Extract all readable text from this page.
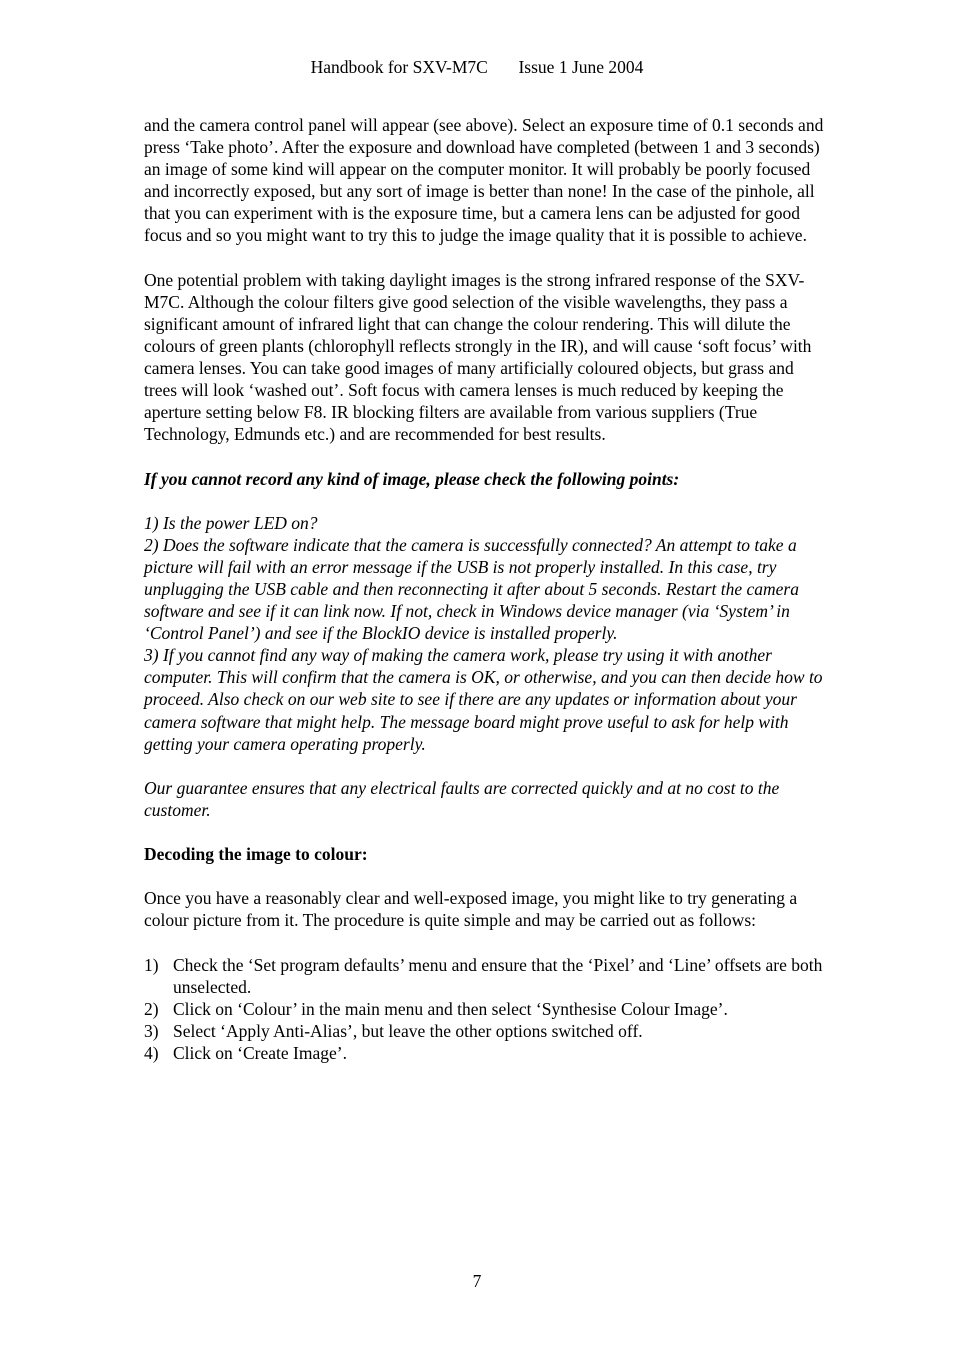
Handbook for SXV-M7C Issue 1 June 2004

and the camera control panel will appear (see above). Select an exposure time of 0.1 seconds and press ‘Take photo’. After the exposure and download have completed (between 1 and 3 seconds) an image of some kind will appear on the computer monitor. It will probably be poorly focused and incorrectly exposed, but any sort of image is better than none! In the case of the pinhole, all that you can experiment with is the exposure time, but a camera lens can be adjusted for good focus and so you might want to try this to judge the image quality that it is possible to achieve.

One potential problem with taking daylight images is the strong infrared response of the SXV-M7C. Although the colour filters give good selection of the visible wavelengths, they pass a significant amount of infrared light that can change the colour rendering. This will dilute the colours of green plants (chlorophyll reflects strongly in the IR), and will cause ‘soft focus’ with camera lenses. You can take good images of many artificially coloured objects, but grass and trees will look ‘washed out’. Soft focus with camera lenses is much reduced by keeping the aperture setting below F8. IR blocking filters are available from various suppliers (True Technology, Edmunds etc.) and are recommended for best results.

If you cannot record any kind of image, please check the following points:

1) Is the power LED on?
2) Does the software indicate that the camera is successfully connected? An attempt to take a picture will fail with an error message if the USB is not properly installed. In this case, try unplugging the USB cable and then reconnecting it after about 5 seconds. Restart the camera software and see if it can link now. If not, check in Windows device manager (via ‘System’ in ‘Control Panel’) and see if the BlockIO device is installed properly.
3) If you cannot find any way of making the camera work, please try using it with another computer. This will confirm that the camera is OK, or otherwise, and you can then decide how to proceed. Also check on our web site to see if there are any updates or information about your camera software that might help. The message board might prove useful to ask for help with getting your camera operating properly.

Our guarantee ensures that any electrical faults are corrected quickly and at no cost to the customer.

Decoding the image to colour:

Once you have a reasonably clear and well-exposed image, you might like to try generating a colour picture from it. The procedure is quite simple and may be carried out as follows:

1) Check the ‘Set program defaults’ menu and ensure that the ‘Pixel’ and ‘Line’ offsets are both unselected.
2) Click on ‘Colour’ in the main menu and then select ‘Synthesise Colour Image’.
3) Select ‘Apply Anti-Alias’, but leave the other options switched off.
4) Click on ‘Create Image’.
7
